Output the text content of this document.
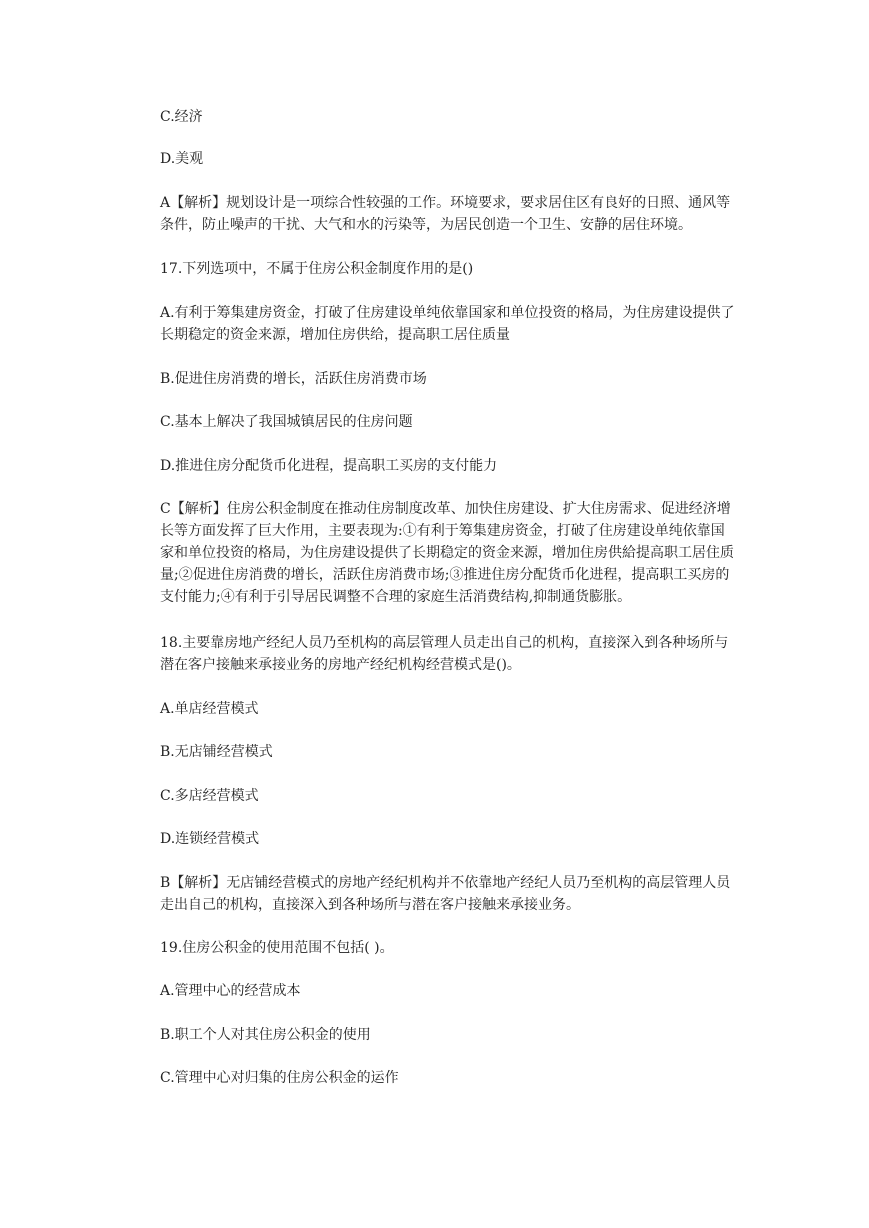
C.经济

D.美观

A【解析】规划设计是一项综合性较强的工作。环境要求，要求居住区有良好的日照、通风等条件，防止噪声的干扰、大气和水的污染等，为居民创造一个卫生、安静的居住环境。

17.下列选项中，不属于住房公积金制度作用的是()

A.有利于筹集建房资金，打破了住房建设单纯依靠国家和单位投资的格局，为住房建设提供了长期稳定的资金来源，增加住房供给，提高职工居住质量

B.促进住房消费的增长，活跃住房消费市场

C.基本上解决了我国城镇居民的住房问题

D.推进住房分配货币化进程，提高职工买房的支付能力

C【解析】住房公积金制度在推动住房制度改革、加快住房建设、扩大住房需求、促进经济增长等方面发挥了巨大作用，主要表现为:①有利于筹集建房资金，打破了住房建设单纯依靠国家和单位投资的格局，为住房建设提供了长期稳定的资金来源，增加住房供給提高职工居住质量;②促进住房消费的增长，活跃住房消费市场;③推进住房分配货币化进程，提高职工买房的支付能力;④有利于引导居民调整不合理的家庭生活消费结构,抑制通货膨胀。

18.主要靠房地产经纪人员乃至机构的高层管理人员走出自己的机构，直接深入到各种场所与潜在客户接触来承接业务的房地产经纪机构经营模式是()。

A.单店经营模式

B.无店铺经营模式

C.多店经营模式

D.连锁经营模式

B【解析】无店铺经营模式的房地产经纪机构并不依靠地产经纪人员乃至机构的高层管理人员走出自己的机构，直接深入到各种场所与潜在客户接触来承接业务。

19.住房公积金的使用范围不包括( )。

A.管理中心的经营成本

B.职工个人对其住房公积金的使用

C.管理中心对归集的住房公积金的运作
